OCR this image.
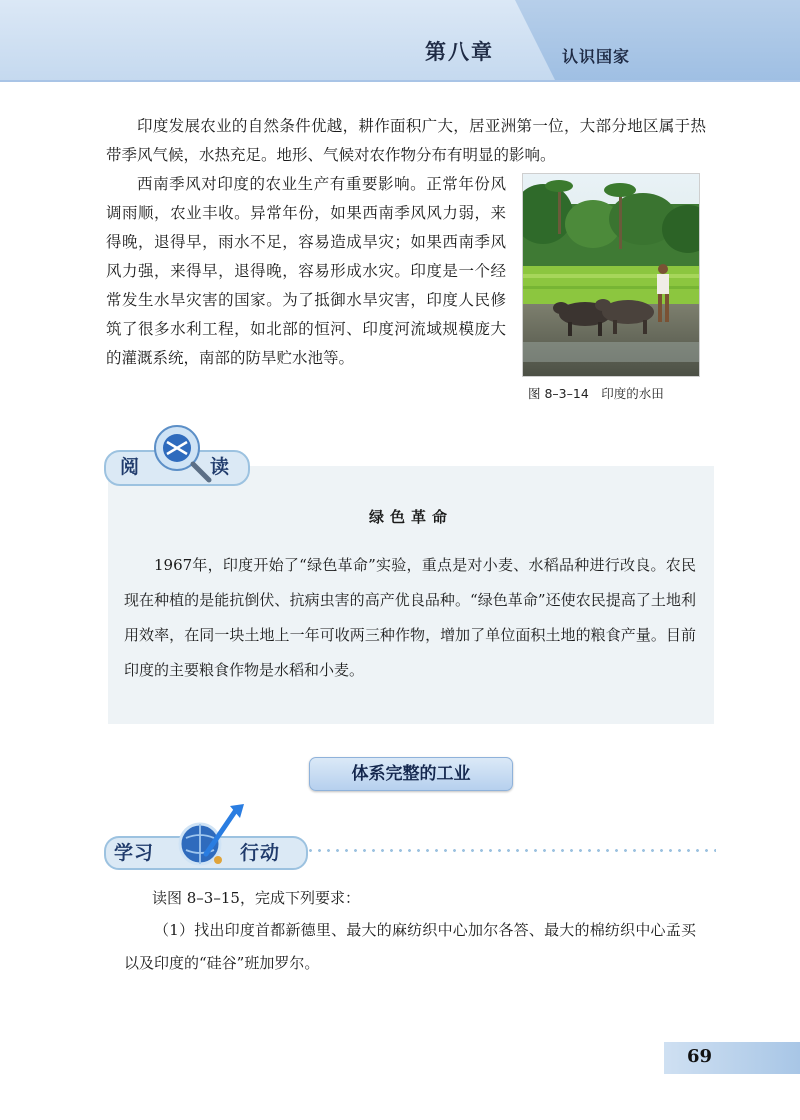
第八章	认识国家

印度发展农业的自然条件优越，耕作面积广大，居亚洲第一位，大部分地区属于热带季风气候，水热充足。地形、气候对农作物分布有明显的影响。

西南季风对印度的农业生产有重要影响。正常年份风调雨顺，农业丰收。异常年份，如果西南季风风力弱，来得晚，退得早，雨水不足，容易造成旱灾；如果西南季风风力强，来得早，退得晚，容易形成水灾。印度是一个经常发生水旱灾害的国家。为了抵御水旱灾害，印度人民修筑了很多水利工程，如北部的恒河、印度河流域规模庞大的灌溉系统，南部的防旱贮水池等。

图 8–3–14　印度的水田
阅	读
绿色革命

1967年，印度开始了“绿色革命”实验，重点是对小麦、水稻品种进行改良。农民现在种植的是能抗倒伏、抗病虫害的高产优良品种。“绿色革命”还使农民提高了土地利用效率，在同一块土地上一年可收两三种作物，增加了单位面积土地的粮食产量。目前印度的主要粮食作物是水稻和小麦。

体系完整的工业
学习	行动

读图 8–3–15，完成下列要求：

（1）找出印度首都新德里、最大的麻纺织中心加尔各答、最大的棉纺织中心孟买以及印度的“硅谷”班加罗尔。

69
